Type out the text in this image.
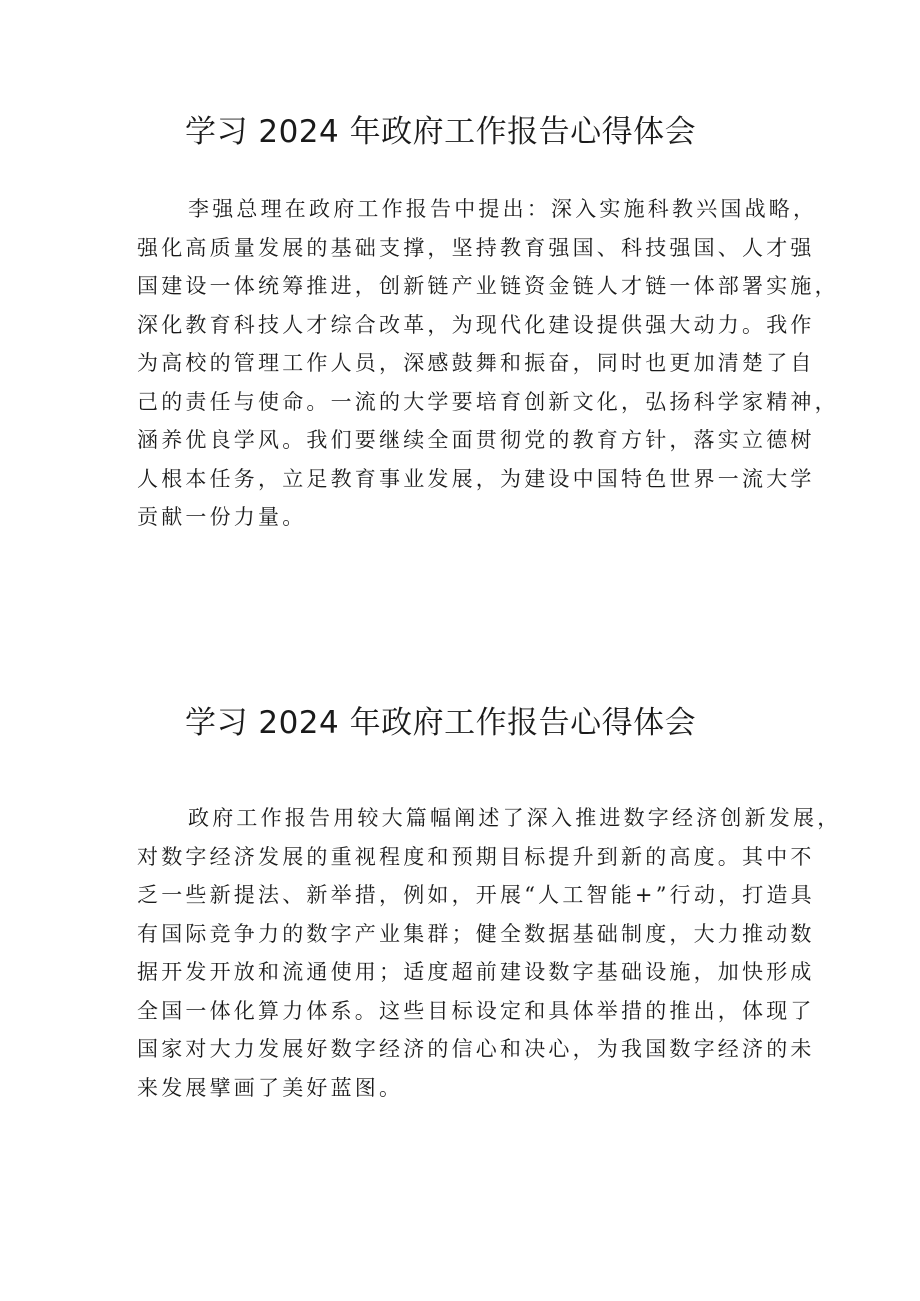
学习 2024 年政府工作报告心得体会

李强总理在政府工作报告中提出：深入实施科教兴国战略，
强化高质量发展的基础支撑，坚持教育强国、科技强国、人才强
国建设一体统筹推进，创新链产业链资金链人才链一体部署实施，
深化教育科技人才综合改革，为现代化建设提供强大动力。我作
为高校的管理工作人员，深感鼓舞和振奋，同时也更加清楚了自
己的责任与使命。一流的大学要培育创新文化，弘扬科学家精神，
涵养优良学风。我们要继续全面贯彻党的教育方针，落实立德树
人根本任务，立足教育事业发展，为建设中国特色世界一流大学
贡献一份力量。

学习 2024 年政府工作报告心得体会

政府工作报告用较大篇幅阐述了深入推进数字经济创新发展，
对数字经济发展的重视程度和预期目标提升到新的高度。其中不
乏一些新提法、新举措，例如，开展“人工智能+”行动，打造具
有国际竞争力的数字产业集群；健全数据基础制度，大力推动数
据开发开放和流通使用；适度超前建设数字基础设施，加快形成
全国一体化算力体系。这些目标设定和具体举措的推出，体现了
国家对大力发展好数字经济的信心和决心，为我国数字经济的未
来发展擘画了美好蓝图。
